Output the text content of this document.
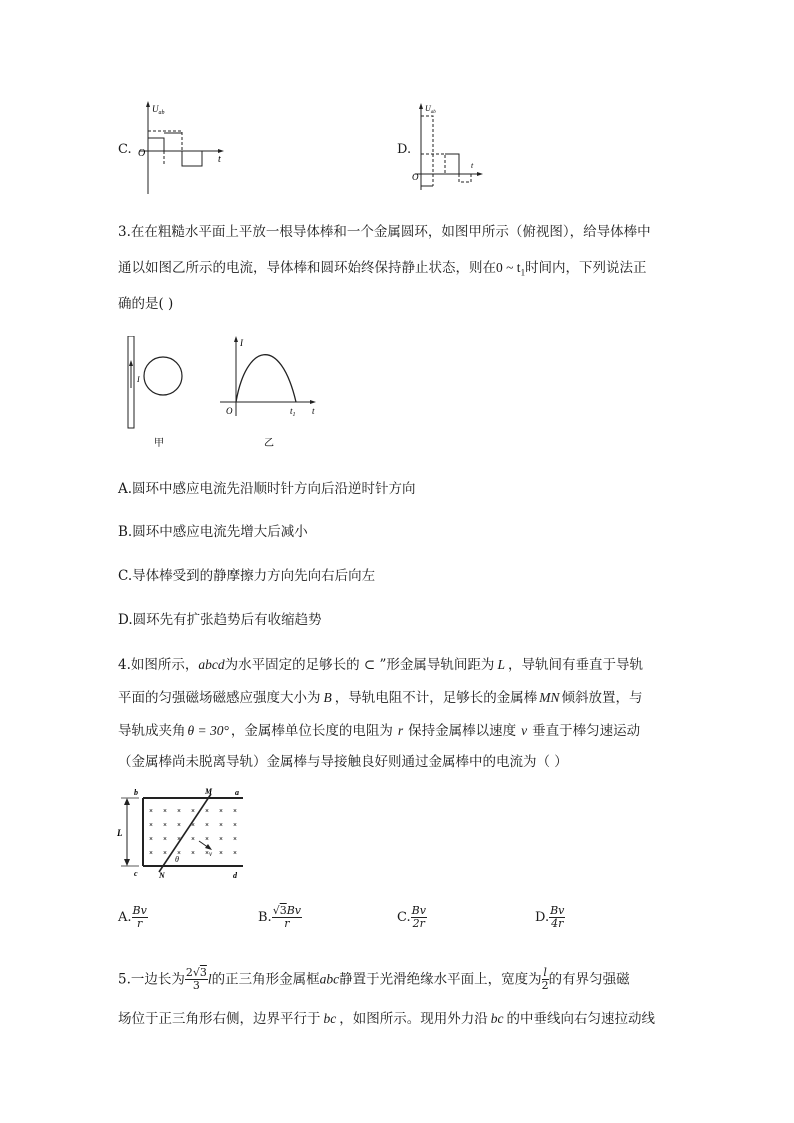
C.
$U_{ab}$
O
t
D.
$U_{ab}$
O
t
3.在在粗糙水平面上平放一根导体棒和一个金属圆环，如图甲所示（俯视图），给导体棒中
通以如图乙所示的电流，导体棒和圆环始终保持静止状态，则在0 ~ $t_1$时间内，下列说法正
确的是( )
I
甲
I
O	$t_1$ t
乙
A.圆环中感应电流先沿顺时针方向后沿逆时针方向
B.圆环中感应电流先增大后减小
C.导体棒受到的静摩擦力方向先向右后向左
D.圆环先有扩张趋势后有收缩趋势
4.如图所示，abcd为水平固定的足够长的 ⊂ ”形金属导轨间距为 L ，导轨间有垂直于导轨
平面的匀强磁场磁感应强度大小为 B ，导轨电阻不计，足够长的金属棒 MN 倾斜放置，与
导轨成夹角 θ = 30° ，金属棒单位长度的电阻为 r 保持金属棒以速度 v 垂直于棒匀速运动
（金属棒尚未脱离导轨）金属棒与导接触良好则通过金属棒中的电流为（ ）
L
× × × × × × ×
× × × × × × ×
× × × × × × ×
× × × × × × ×
v
θ
b	M	a
c	N	d
A. $\frac{Bv}{r}$	B. $\frac{√3Bv}{r}$	C. $\frac{Bv}{2r}$	D. $\frac{Bv}{4r}$
5.一边长为 $\frac{2√3}{3}$ l的正三角形金属框abc静置于光滑绝缘水平面上，宽度为 $\frac{l}{2}$ 的有界匀强磁
场位于正三角形右侧，边界平行于 bc ，如图所示。现用外力沿 bc 的中垂线向右匀速拉动线
